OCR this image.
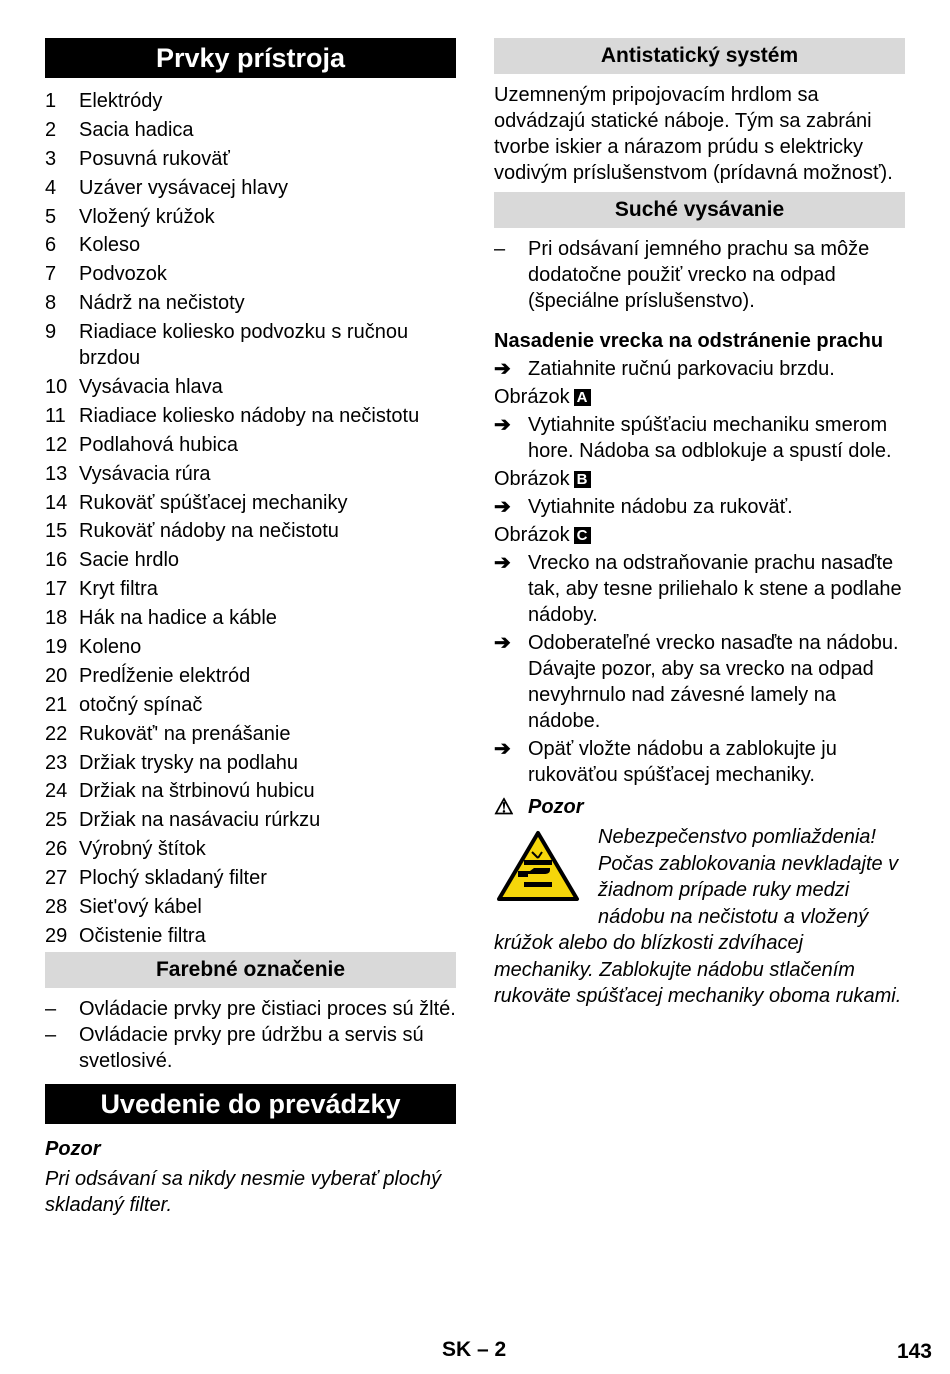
Prvky prístroja
1	Elektródy
2	Sacia hadica
3	Posuvná rukoväť
4	Uzáver vysávacej hlavy
5	Vložený krúžok
6	Koleso
7	Podvozok
8	Nádrž na nečistoty
9	Riadiace koliesko podvozku s ručnou brzdou
10 Vysávacia hlava
11 Riadiace koliesko nádoby na nečistotu
12 Podlahová hubica
13 Vysávacia rúra
14 Rukoväť spúšťacej mechaniky
15 Rukoväť nádoby na nečistotu
16 Sacie hrdlo
17 Kryt filtra
18 Hák na hadice a káble
19 Koleno
20 Predĺženie elektród
21 otočný spínač
22 Rukoväť' na prenášanie
23 Držiak trysky na podlahu
24 Držiak na štrbinovú hubicu
25 Držiak na nasávaciu rúrkzu
26 Výrobný štítok
27 Plochý skladaný filter
28 Siet'ový kábel
29 Očistenie filtra
Farebné označenie
–	Ovládacie prvky pre čistiaci proces sú žlté.
–	Ovládacie prvky pre údržbu a servis sú svetlosivé.
Uvedenie do prevádzky

Pozor

Pri odsávaní sa nikdy nesmie vyberať plochý skladaný filter.

Antistatický systém

Uzemneným pripojovacím hrdlom sa odvádzajú statické náboje. Tým sa zabráni tvorbe iskier a nárazom prúdu s elektricky vodivým príslušenstvom (prídavná možnosť).

Suché vysávanie
–	Pri odsávaní jemného prachu sa môže dodatočne použiť vrecko na odpad (špeciálne príslušenstvo).

Nasadenie vrecka na odstránenie prachu

➔ Zatiahnite ručnú parkovaciu brzdu.
Obrázok A
➔ Vytiahnite spúšťaciu mechaniku smerom hore. Nádoba sa odblokuje a spustí dole.
Obrázok B
➔ Vytiahnite nádobu za rukoväť.
Obrázok C
➔ Vrecko na odstraňovanie prachu nasaďte tak, aby tesne priliehalo k stene a podlahe nádoby.
➔ Odoberateľné vrecko nasaďte na nádobu. Dávajte pozor, aby sa vrecko na odpad nevyhrnulo nad závesné lamely na nádobe.
➔ Opäť vložte nádobu a zablokujte ju rukoväťou spúšťacej mechaniky.
⚠ Pozor
Nebezpečenstvo pomliaždenia! Počas zablokovania nevkladajte v žiadnom prípade ruky medzi nádobu na nečistotu a vložený krúžok alebo do blízkosti zdvíhacej mechaniky. Zablokujte nádobu stlačením rukoväte spúšťacej mechaniky oboma rukami.
SK – 2	143
